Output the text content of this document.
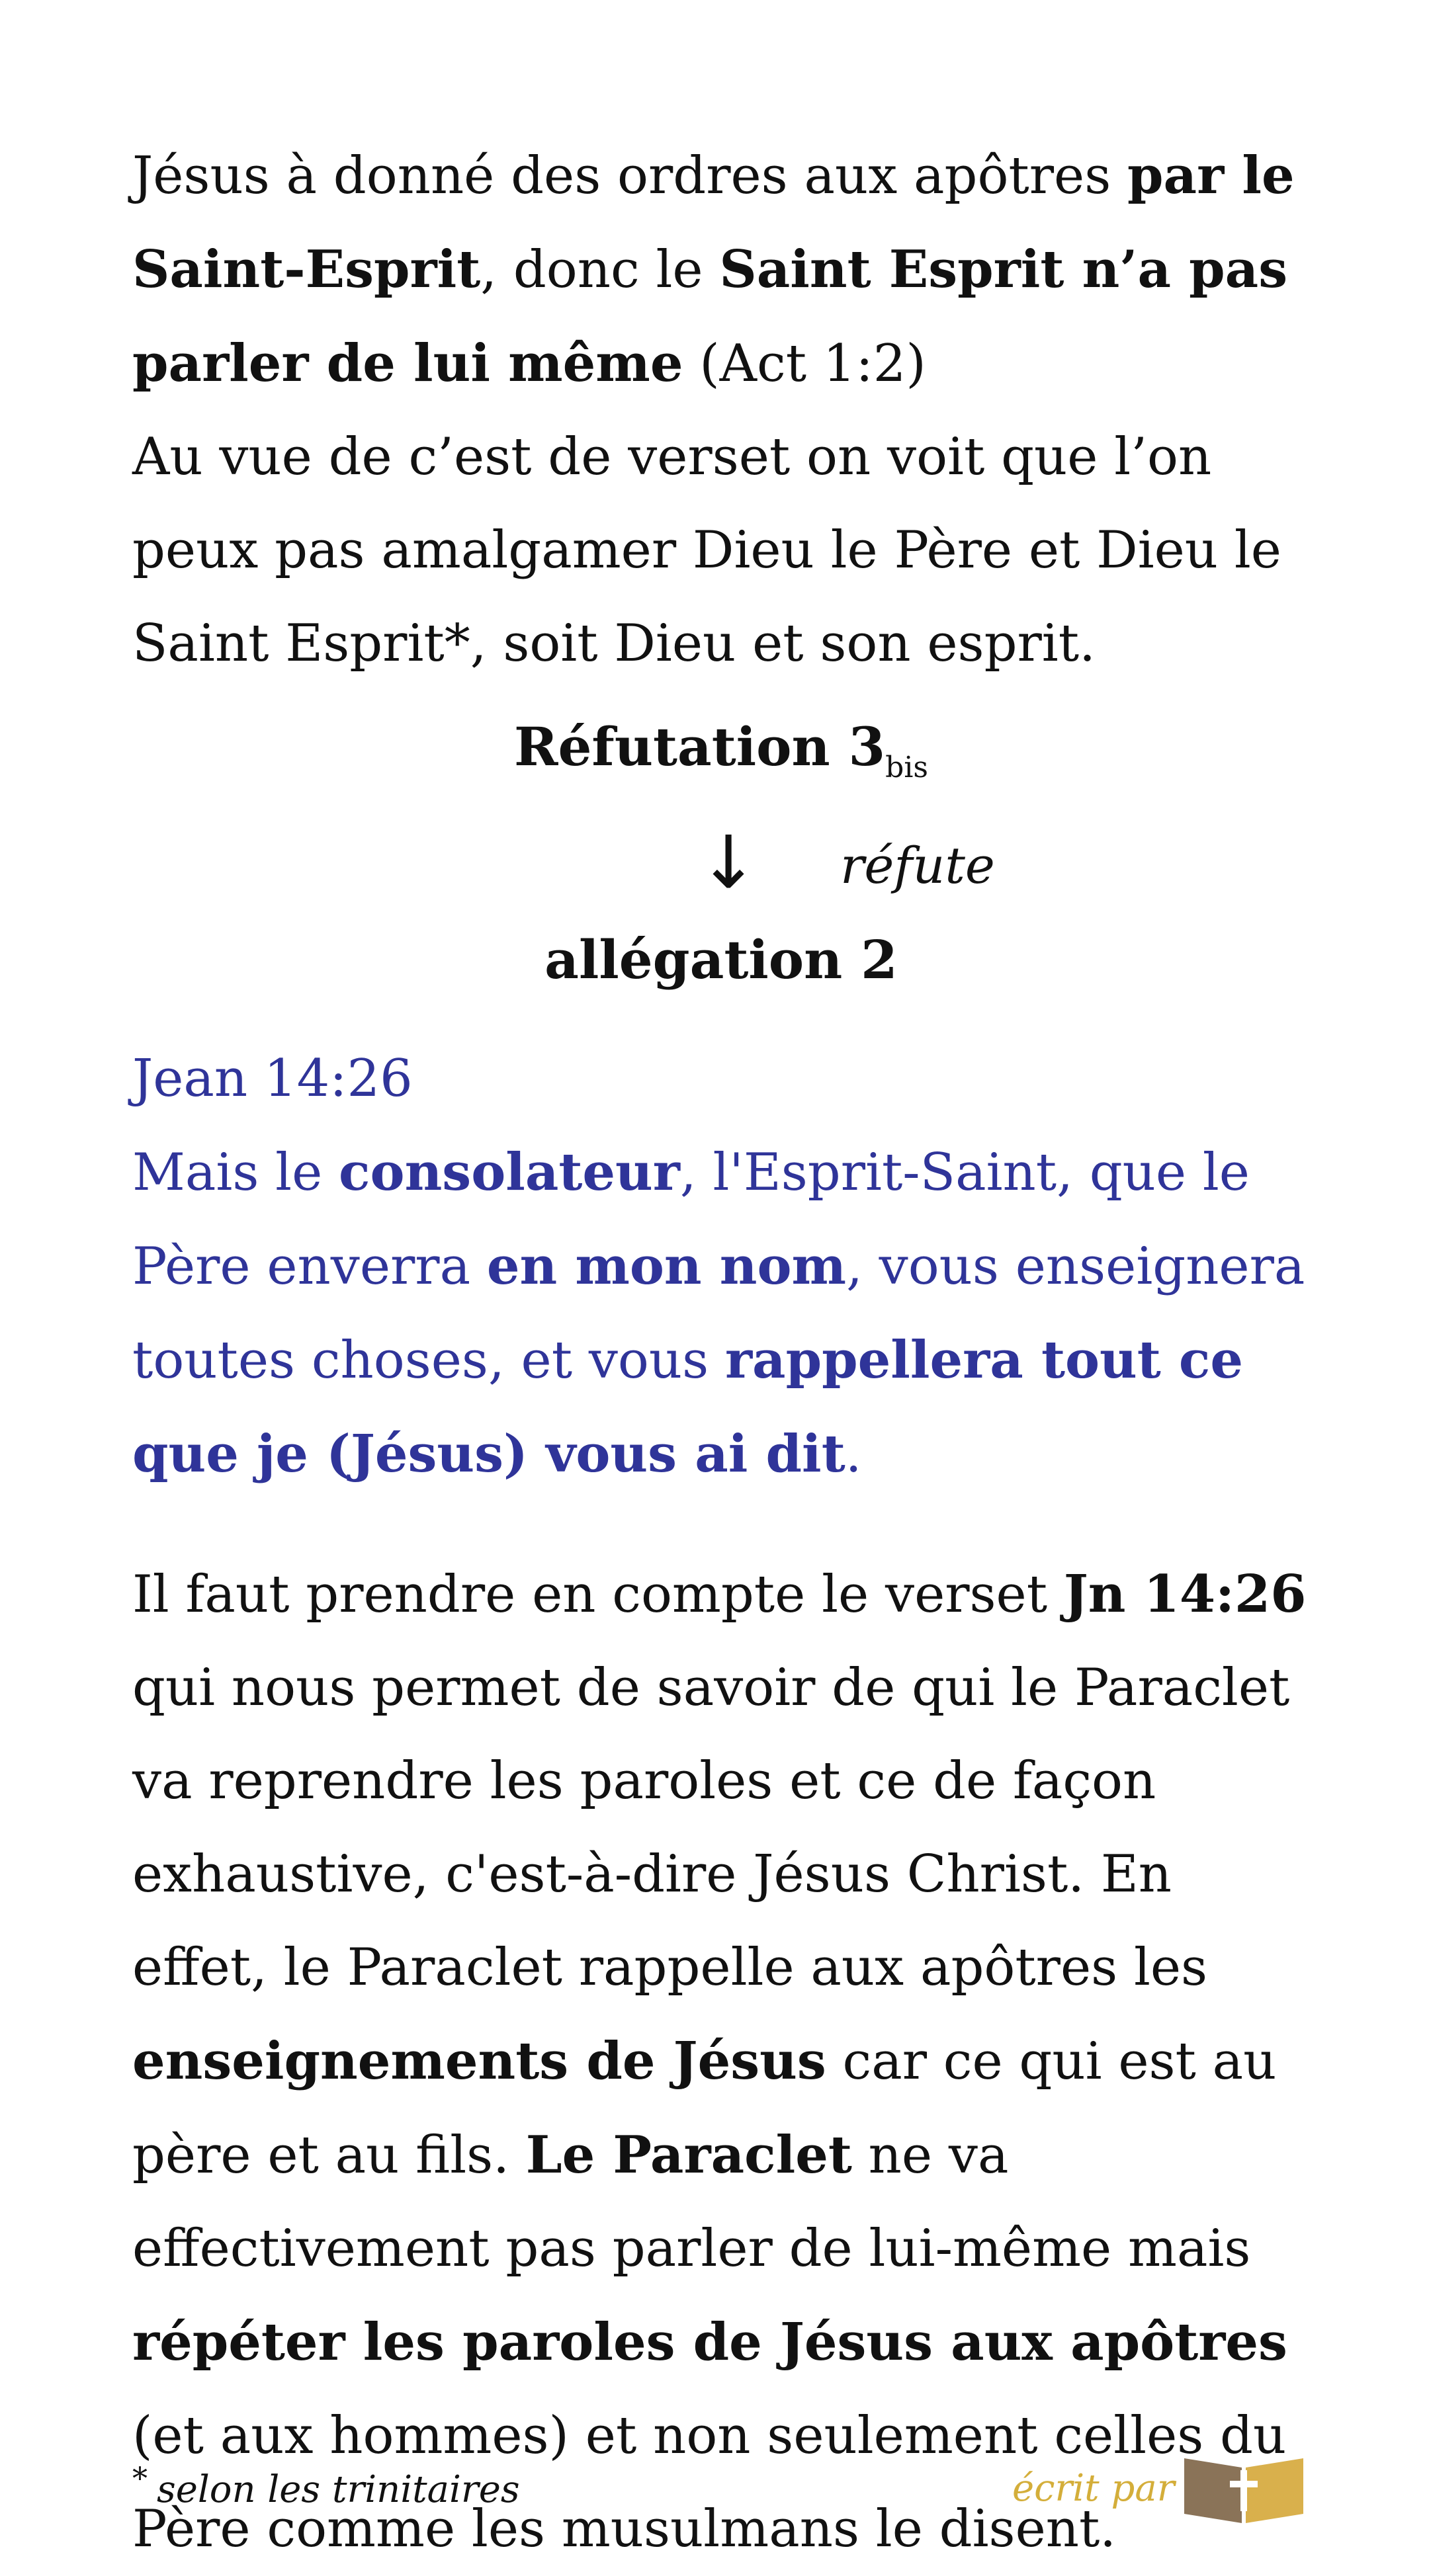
Jésus à donné des ordres aux apôtres par le Saint-Esprit, donc le Saint Esprit n’a pas parler de lui même (Act 1:2)
Au vue de c’est de verset on voit que l’on peux pas amalgamer Dieu le Père et Dieu le Saint Esprit*, soit Dieu et son esprit.

Réfutation $3_{bis}$
↓ réfute
allégation 2
Jean 14:26
Mais le consolateur, l'Esprit-Saint, que le Père enverra en mon nom, vous enseignera toutes choses, et vous rappellera tout ce que je (Jésus) vous ai dit.

Il faut prendre en compte le verset Jn 14:26 qui nous permet de savoir de qui le Paraclet va reprendre les paroles et ce de façon exhaustive, c'est-à-dire Jésus Christ. En effet, le Paraclet rappelle aux apôtres les enseignements de Jésus car ce qui est au père et au fils. Le Paraclet ne va effectivement pas parler de lui-même mais répéter les paroles de Jésus aux apôtres (et aux hommes) et non seulement celles du Père comme les musulmans le disent.

* selon les trinitaires	écrit par
